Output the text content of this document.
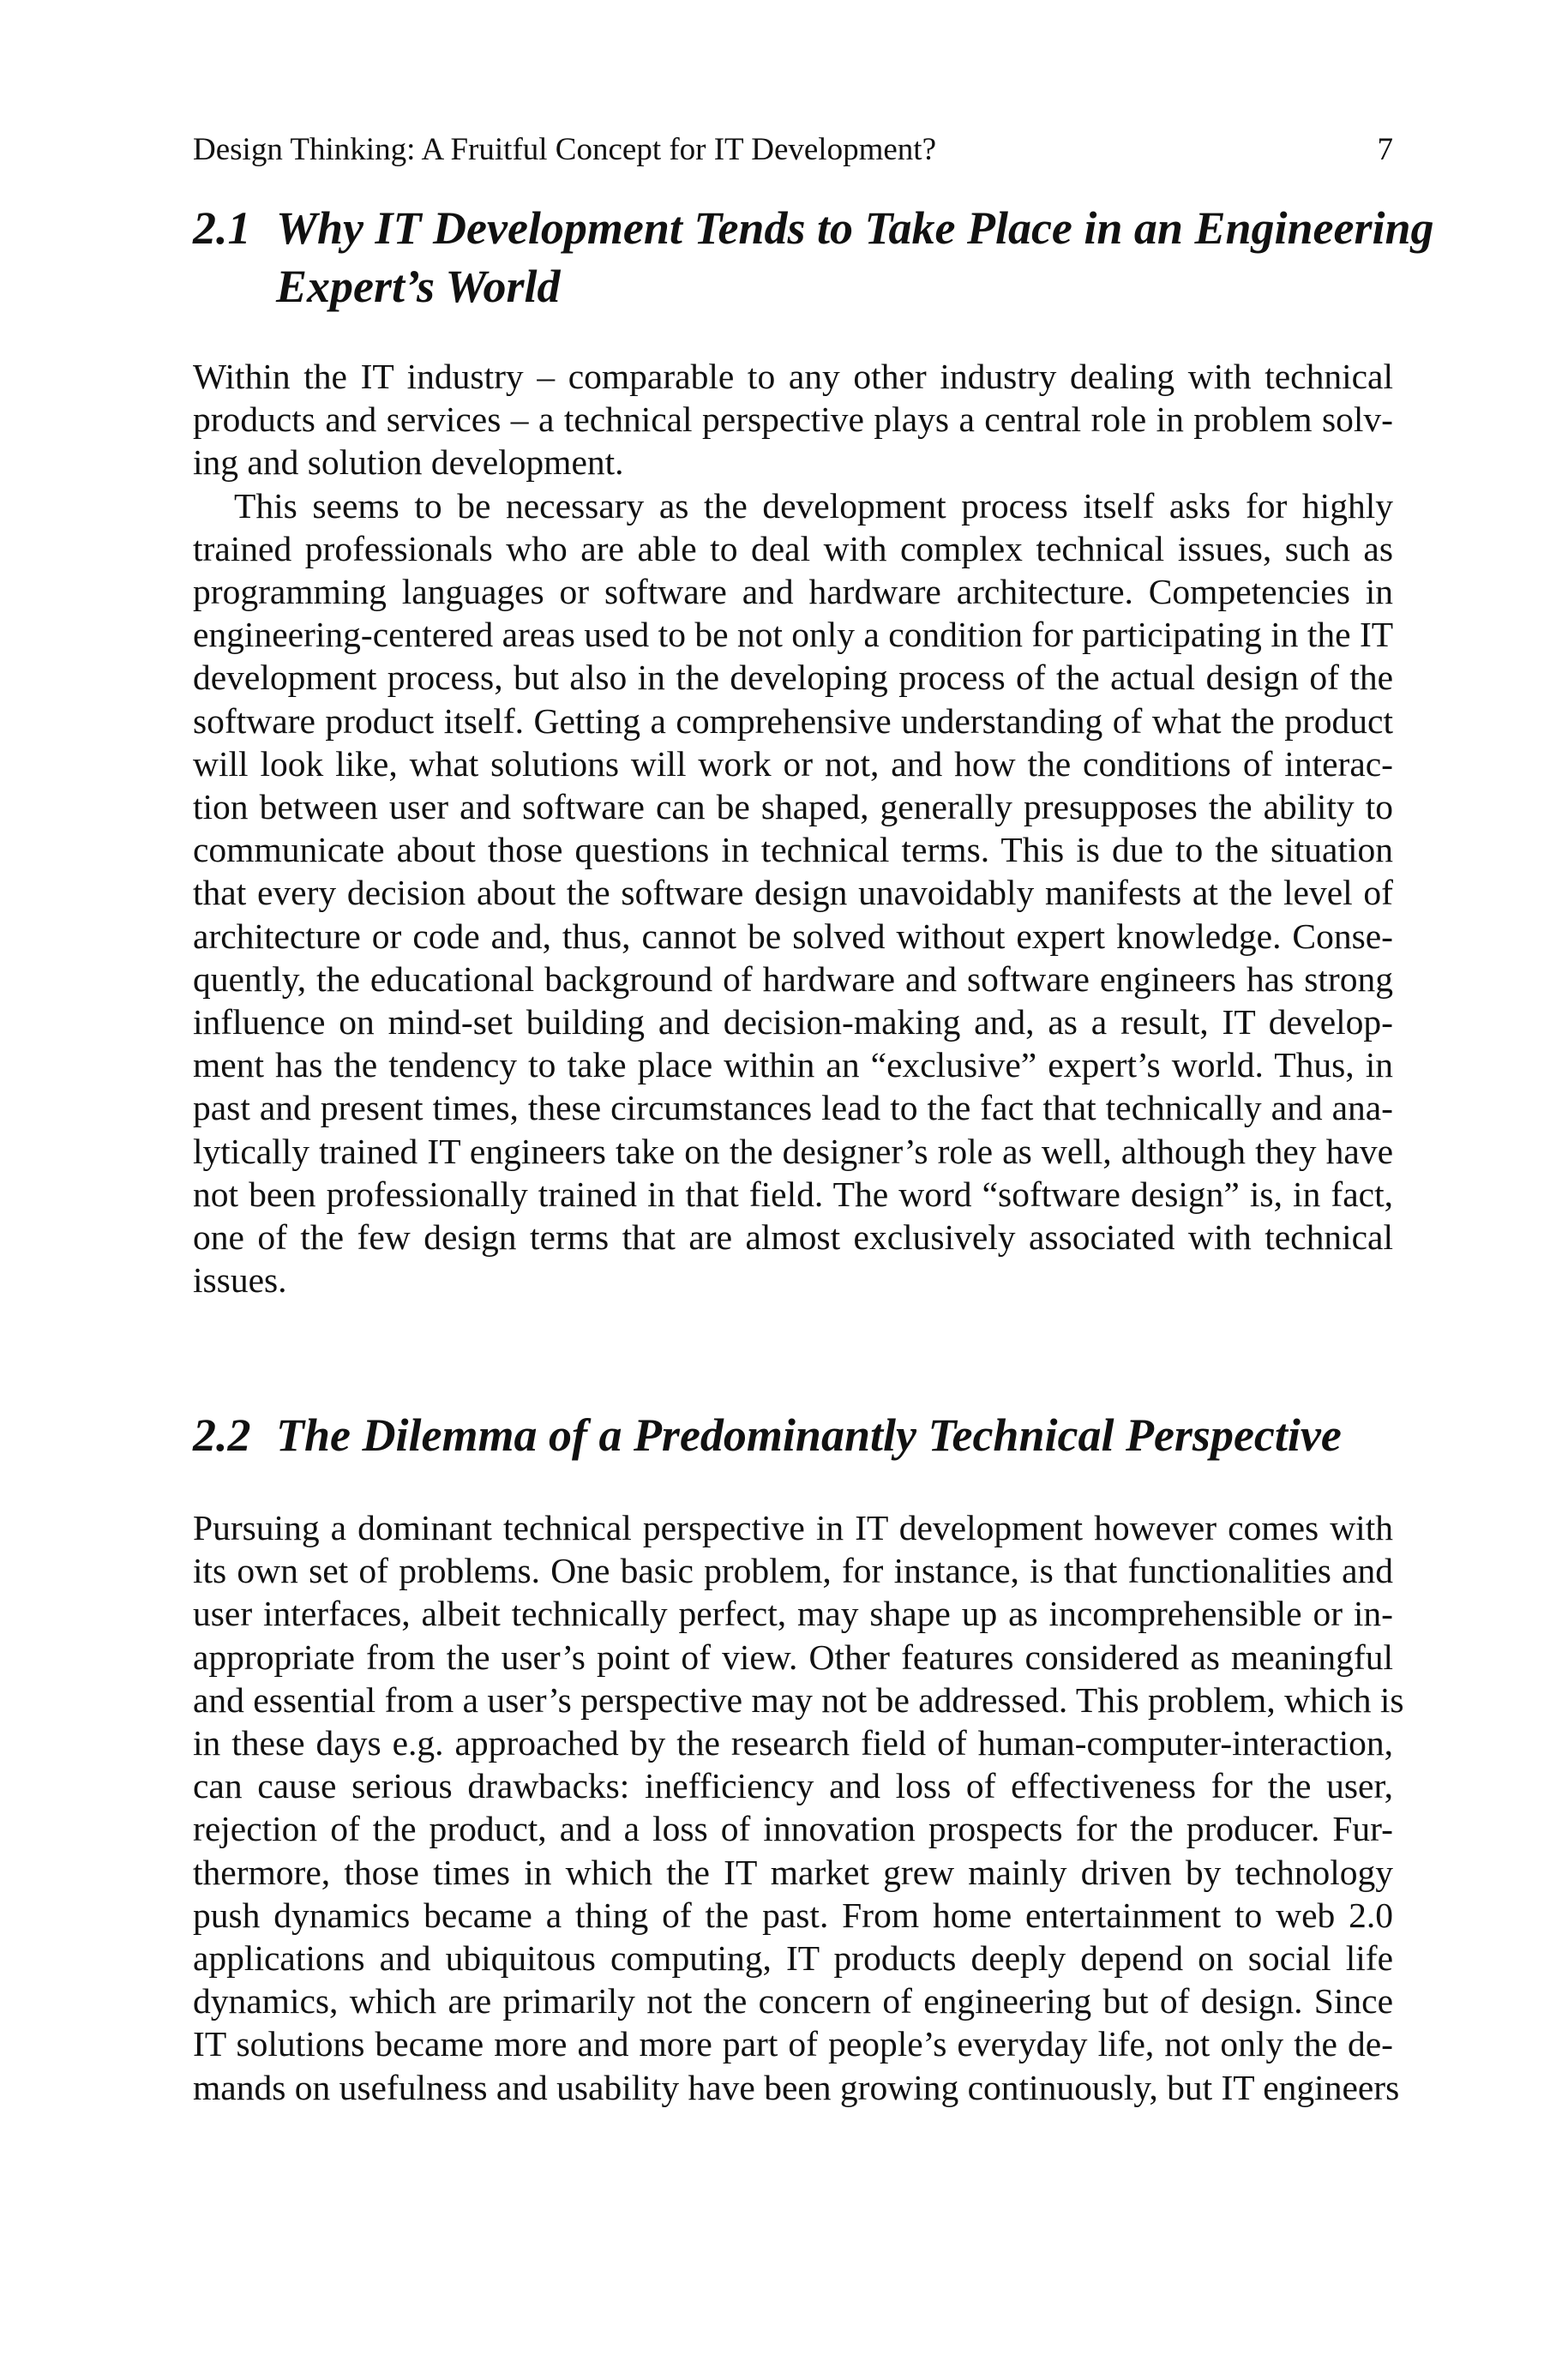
Design Thinking: A Fruitful Concept for IT Development?	7
2.1 Why IT Development Tends to Take Place in an Engineering
Expert’s World
Within the IT industry – comparable to any other industry dealing with technical
products and services – a technical perspective plays a central role in problem solv-
ing and solution development.
This seems to be necessary as the development process itself asks for highly
trained professionals who are able to deal with complex technical issues, such as
programming languages or software and hardware architecture. Competencies in
engineering-centered areas used to be not only a condition for participating in the IT
development process, but also in the developing process of the actual design of the
software product itself. Getting a comprehensive understanding of what the product
will look like, what solutions will work or not, and how the conditions of interac-
tion between user and software can be shaped, generally presupposes the ability to
communicate about those questions in technical terms. This is due to the situation
that every decision about the software design unavoidably manifests at the level of
architecture or code and, thus, cannot be solved without expert knowledge. Conse-
quently, the educational background of hardware and software engineers has strong
influence on mind-set building and decision-making and, as a result, IT develop-
ment has the tendency to take place within an “exclusive” expert’s world. Thus, in
past and present times, these circumstances lead to the fact that technically and ana-
lytically trained IT engineers take on the designer’s role as well, although they have
not been professionally trained in that field. The word “software design” is, in fact,
one of the few design terms that are almost exclusively associated with technical
issues.
2.2 The Dilemma of a Predominantly Technical Perspective
Pursuing a dominant technical perspective in IT development however comes with
its own set of problems. One basic problem, for instance, is that functionalities and
user interfaces, albeit technically perfect, may shape up as incomprehensible or in-
appropriate from the user’s point of view. Other features considered as meaningful
and essential from a user’s perspective may not be addressed. This problem, which is
in these days e.g. approached by the research field of human-computer-interaction,
can cause serious drawbacks: inefficiency and loss of effectiveness for the user,
rejection of the product, and a loss of innovation prospects for the producer. Fur-
thermore, those times in which the IT market grew mainly driven by technology
push dynamics became a thing of the past. From home entertainment to web 2.0
applications and ubiquitous computing, IT products deeply depend on social life
dynamics, which are primarily not the concern of engineering but of design. Since
IT solutions became more and more part of people’s everyday life, not only the de-
mands on usefulness and usability have been growing continuously, but IT engineers
